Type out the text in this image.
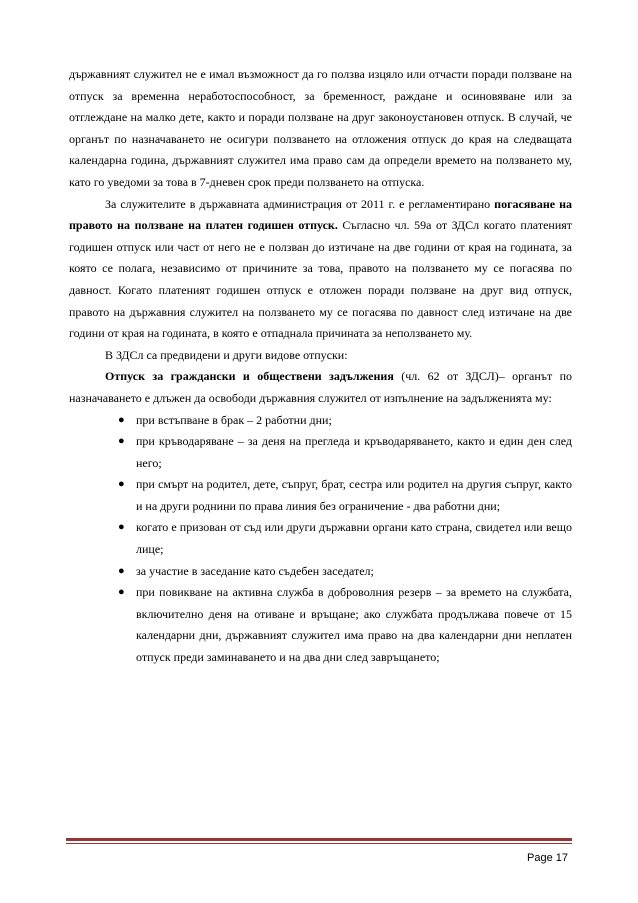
държавният служител не е имал възможност да го ползва изцяло или отчасти поради ползване на отпуск за временна неработоспособност, за бременност, раждане и осиновяване или за отглеждане на малко дете, както и поради ползване на друг законоустановен отпуск. В случай, че органът по назначаването не осигури ползването на отложения отпуск до края на следващата календарна година, държавният служител има право сам да определи времето на ползването му, като го уведоми за това в 7-дневен срок преди ползването на отпуска.

За служителите в държавната администрация от 2011 г. е регламентирано погасяване на правото на ползване на платен годишен отпуск. Съгласно чл. 59а от ЗДСл когато платеният годишен отпуск или част от него не е ползван до изтичане на две години от края на годината, за която се полага, независимо от причините за това, правото на ползването му се погасява по давност. Когато платеният годишен отпуск е отложен поради ползване на друг вид отпуск, правото на държавния служител на ползването му се погасява по давност след изтичане на две години от края на годината, в която е отпаднала причината за неползването му.

В ЗДСл са предвидени и други видове отпуски:

Отпуск за граждански и обществени задължения (чл. 62 от ЗДСЛ)– органът по назначаването е длъжен да освободи държавния служител от изпълнение на задълженията му:

● при встъпване в брак – 2 работни дни;
● при кръводаряване – за деня на прегледа и кръводаряването, както и един ден след него;
● при смърт на родител, дете, съпруг, брат, сестра или родител на другия съпруг, както и на други роднини по права линия без ограничение - два работни дни;
● когато е призован от съд или други държавни органи като страна, свидетел или вещо лице;
● за участие в заседание като съдебен заседател;
● при повикване на активна служба в доброволния резерв – за времето на службата, включително деня на отиване и връщане; ако службата продължава повече от 15 календарни дни, държавният служител има право на два календарни дни неплатен отпуск преди заминаването и на два дни след завръщането;
Page 17
